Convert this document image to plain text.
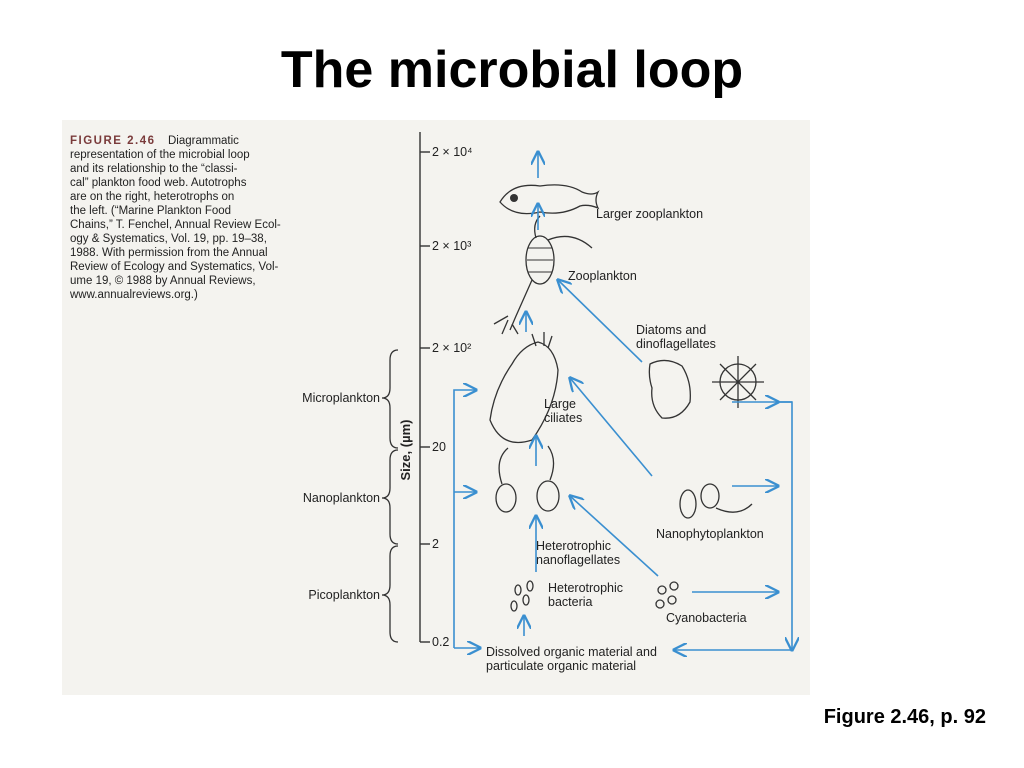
The microbial loop
FIGURE 2.46 Diagrammatic
representation of the microbial loop
and its relationship to the “classi-
cal” plankton food web. Autotrophs
are on the right, heterotrophs on
the left. (“Marine Plankton Food
Chains,” T. Fenchel, Annual Review Ecol-
ogy & Systematics, Vol. 19, pp. 19–38,
1988. With permission from the Annual
Review of Ecology and Systematics, Vol-
ume 19, © 1988 by Annual Reviews,
www.annualreviews.org.)
2 × 10⁴
2 × 10³
2 × 10²
20
2
0.2
Size, (µm)
Microplankton
Nanoplankton
Picoplankton
Larger zooplankton
Zooplankton
Diatoms and
dinoflagellates
Large
ciliates
Nanophytoplankton
Heterotrophic
nanoflagellates
Heterotrophic
bacteria
Cyanobacteria
Dissolved organic material and
particulate organic material
Figure 2.46, p. 92
